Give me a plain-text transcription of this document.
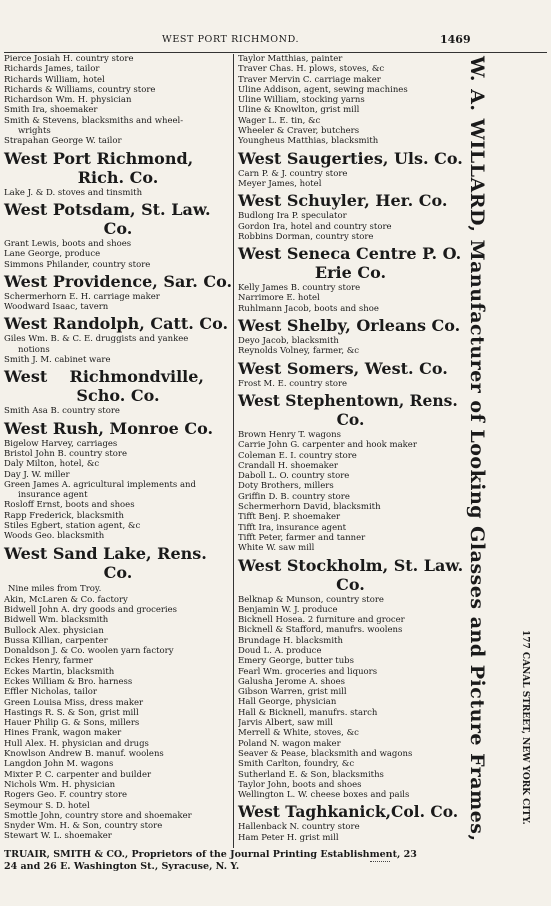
WEST PORT RICHMOND.	1469
Pierce Josiah H. country store
Richards James, tailor
Richards William, hotel
Richards & Williams, country store
Richardson Wm. H. physician
Smith Ira, shoemaker
Smith & Stevens, blacksmiths and wheel-
wrights
Strapahan George W. tailor
West Port Richmond,
Rich. Co.
Lake J. & D. stoves and tinsmith
West Potsdam, St. Law.
Co.
Grant Lewis, boots and shoes
Lane George, produce
Simmons Philander, country store
West Providence, Sar. Co.
Schermerhorn E. H. carriage maker
Woodward Isaac, tavern
West Randolph, Catt. Co.
Giles Wm. B. & C. E. druggists and yankee
notions
Smith J. M. cabinet ware
West    Richmondville,
Scho. Co.
Smith Asa B. country store
West Rush, Monroe Co.
Bigelow Harvey, carriages
Bristol John B. country store
Daly Milton, hotel, &c
Day J. W. miller
Green James A. agricultural implements and
insurance agent
Rosloff Ernst, boots and shoes
Rapp Frederick, blacksmith
Stiles Egbert, station agent, &c
Woods Geo. blacksmith
West Sand Lake, Rens.
Co.
Nine miles from Troy.
Akin, McLaren & Co. factory
Bidwell John A. dry goods and groceries
Bidwell Wm. blacksmith
Bullock Alex. physician
Bussa Killian, carpenter
Donaldson J. & Co. woolen yarn factory
Eckes Henry, farmer
Eckes Martin, blacksmith
Eckes William & Bro. harness
Effler Nicholas, tailor
Green Louisa Miss, dress maker
Hastings R. S. & Son, grist mill
Hauer Philip G. & Sons, millers
Hines Frank, wagon maker
Hull Alex. H. physician and drugs
Knowlson Andrew B. manuf. woolens
Langdon John M. wagons
Mixter P. C. carpenter and builder
Nichols Wm. H. physician
Rogers Geo. F. country store
Seymour S. D. hotel
Smottle John, country store and shoemaker
Snyder Wm. H. & Son, country store
Stewart W. L. shoemaker
Taylor Matthias, painter
Traver Chas. H. plows, stoves, &c
Traver Mervin C. carriage maker
Uline Addison, agent, sewing machines
Uline William, stocking yarns
Uline & Knowlton, grist mill
Wager L. E. tin, &c
Wheeler & Craver, butchers
Youngheus Matthias, blacksmith
West Saugerties, Uls. Co.
Carn P. & J. country store
Meyer James, hotel
West Schuyler, Her. Co.
Budlong Ira P. speculator
Gordon Ira, hotel and country store
Robbins Dorman, country store
West Seneca Centre P. O.
Erie Co.
Kelly James B. country store
Narrimore E. hotel
Ruhlmann Jacob, boots and shoe
West Shelby, Orleans Co.
Deyo Jacob, blacksmith
Reynolds Volney, farmer, &c
West Somers, West. Co.
Frost M. E. country store
West Stephentown, Rens.
Co.
Brown Henry T. wagons
Carrie John G. carpenter and hook maker
Coleman E. I. country store
Crandall H. shoemaker
Daboll L. O. country store
Doty Brothers, millers
Griffin D. B. country store
Schermerhorn David, blacksmith
Tifft Benj. P. shoemaker
Tifft Ira, insurance agent
Tifft Peter, farmer and tanner
White W. saw mill
West Stockholm, St. Law.
Co.
Belknap & Munson, country store
Benjamin W. J. produce
Bicknell Hosea. 2 furniture and grocer
Bicknell & Stafford, manufrs. woolens
Brundage H. blacksmith
Doud L. A. produce
Emery George, butter tubs
Fearl Wm. groceries and liquors
Galusha Jerome A. shoes
Gibson Warren, grist mill
Hall George, physician
Hall & Bicknell, manufrs. starch
Jarvis Albert, saw mill
Merrell & White, stoves, &c
Poland N. wagon maker
Seaver & Pease, blacksmith and wagons
Smith Carlton, foundry, &c
Sutherland E. & Son, blacksmiths
Taylor John, boots and shoes
Wellington L. W. cheese boxes and pails
West Taghkanick,Col. Co.
Hallenback N. country store
Ham Peter H. grist mill	W. A. WILLARD, Manufacturer of Looking Glasses and Picture Frames,	177 CANAL STREET, NEW YORK CITY.
TRUAIR, SMITH & CO., Proprietors of the Journal Printing Establishment, 23
24 and 26 E. Washington St., Syracuse, N. Y.
